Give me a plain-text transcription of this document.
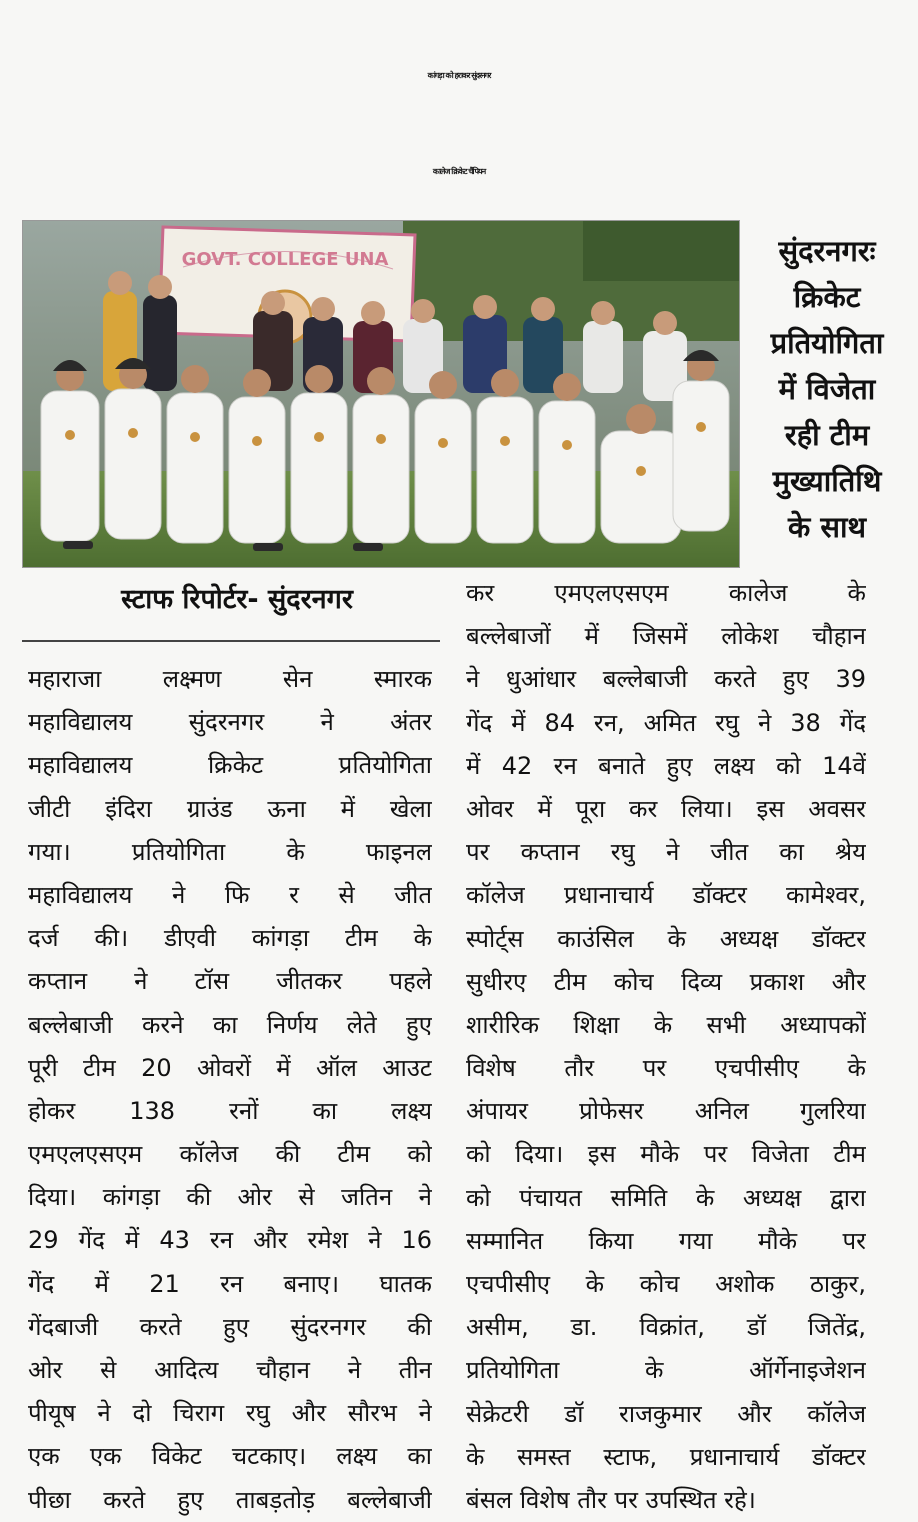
कांगड़ा को हराकर सुंदरनगर
कालेज क्रिकेट चैंपियन
GOVT. COLLEGE UNA	सुंदरनगरः
क्रिकेट
प्रतियोगिता
में विजेता
रही टीम
मुख्यातिथि
के साथ
स्टाफ रिपोर्टर- सुंदरनगर
महाराजा लक्ष्मण सेन स्मारक
महाविद्यालय सुंदरनगर ने अंतर
महाविद्यालय क्रिकेट प्रतियोगिता
जीटी इंदिरा ग्राउंड ऊना में खेला
गया। प्रतियोगिता के फाइनल
महाविद्यालय ने फि र से जीत
दर्ज की। डीएवी कांगड़ा टीम के
कप्तान ने टॉस जीतकर पहले
बल्लेबाजी करने का निर्णय लेते हुए
पूरी टीम 20 ओवरों में ऑल आउट
होकर 138 रनों का लक्ष्य
एमएलएसएम कॉलेज की टीम को
दिया। कांगड़ा की ओर से जतिन ने
29 गेंद में 43 रन और रमेश ने 16
गेंद में 21 रन बनाए। घातक
गेंदबाजी करते हुए सुंदरनगर की
ओर से आदित्य चौहान ने तीन
पीयूष ने दो चिराग रघु और सौरभ ने
एक एक विकेट चटकाए। लक्ष्य का
पीछा करते हुए ताबड़तोड़ बल्लेबाजी
कर एमएलएसएम कालेज के
बल्लेबाजों में जिसमें लोकेश चौहान
ने धुआंधार बल्लेबाजी करते हुए 39
गेंद में 84 रन, अमित रघु ने 38 गेंद
में 42 रन बनाते हुए लक्ष्य को 14वें
ओवर में पूरा कर लिया। इस अवसर
पर कप्तान रघु ने जीत का श्रेय
कॉलेज प्रधानाचार्य डॉक्टर कामेश्वर,
स्पोर्ट्स काउंसिल के अध्यक्ष डॉक्टर
सुधीरए टीम कोच दिव्य प्रकाश और
शारीरिक शिक्षा के सभी अध्यापकों
विशेष तौर पर एचपीसीए के
अंपायर प्रोफेसर अनिल गुलरिया
को दिया। इस मौके पर विजेता टीम
को पंचायत समिति के अध्यक्ष द्वारा
सम्मानित किया गया मौके पर
एचपीसीए के कोच अशोक ठाकुर,
असीम, डा. विक्रांत, डॉ जितेंद्र,
प्रतियोगिता के ऑर्गेनाइजेशन
सेक्रेटरी डॉ राजकुमार और कॉलेज
के समस्त स्टाफ, प्रधानाचार्य डॉक्टर
बंसल विशेष तौर पर उपस्थित रहे।
